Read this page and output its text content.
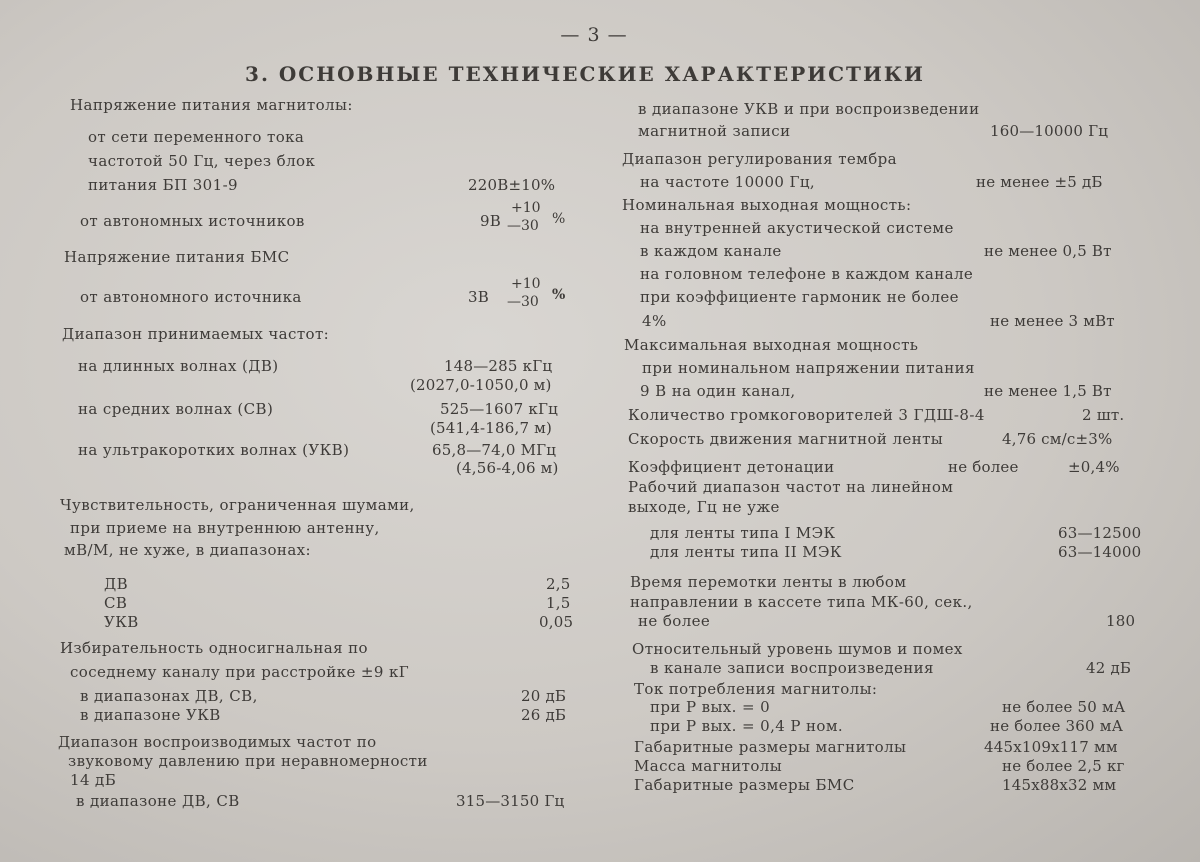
— 3 —
3. ОСНОВНЫЕ ТЕХНИЧЕСКИЕ ХАРАКТЕРИСТИКИ
Напряжение питания магнитолы:
от сети переменного тока
частотой 50 Гц, через блок
питания БП 301-9	220В±10%
от автономных источников	9В
+10
—30 %
Напряжение питания БМС
от автономного источника	3В
+10
—30 %
Диапазон принимаемых частот:
на длинных волнах (ДВ)	148—285 кГц
(2027,0-1050,0 м)
на средних волнах (СВ)	525—1607 кГц
(541,4-186,7 м)
на ультракоротких волнах (УКВ)	65,8—74,0 МГц
(4,56-4,06 м)
Чувствительность, ограниченная шумами,
при приеме на внутреннюю антенну,
мВ/М, не хуже, в диапазонах:
ДВ	2,5
СВ	1,5
УКВ	0,05
Избирательность односигнальная по
соседнему каналу при расстройке ±9 кГ
в диапазонах ДВ, СВ,	20 дБ
в диапазоне УКВ	26 дБ
Диапазон воспроизводимых частот по
звуковому давлению при неравномерности
14 дБ
в диапазоне ДВ, СВ	315—3150 Гц
в диапазоне УКВ и при воспроизведении
магнитной записи	160—10000 Гц
Диапазон регулирования тембра
на частоте 10000 Гц,	не менее ±5 дБ
Номинальная выходная мощность:
на внутренней акустической системе
в каждом канале	не менее 0,5 Вт
на головном телефоне в каждом канале
при коэффициенте гармоник не более
4%	не менее 3 мВт
Максимальная выходная мощность
при номинальном напряжении питания
9 В на один канал,	не менее 1,5 Вт
Количество громкоговорителей 3 ГДШ-8-4	2 шт.
Скорость движения магнитной ленты	4,76 см/с±3%
Коэффициент детонации	не более	±0,4%
Рабочий диапазон частот на линейном
выходе, Гц не уже
для ленты типа I МЭК	63—12500
для ленты типа II МЭК	63—14000
Время перемотки ленты в любом
направлении в кассете типа МК-60, сек.,
не более	180
Относительный уровень шумов и помех
в канале записи воспроизведения	42 дБ
Ток потребления магнитолы:
при Р вых. = 0	не более 50 мА
при Р вых. = 0,4 Р ном.	не более 360 мА
Габаритные размеры магнитолы	445х109х117 мм
Масса магнитолы	не более 2,5 кг
Габаритные размеры БМС	145х88х32 мм
